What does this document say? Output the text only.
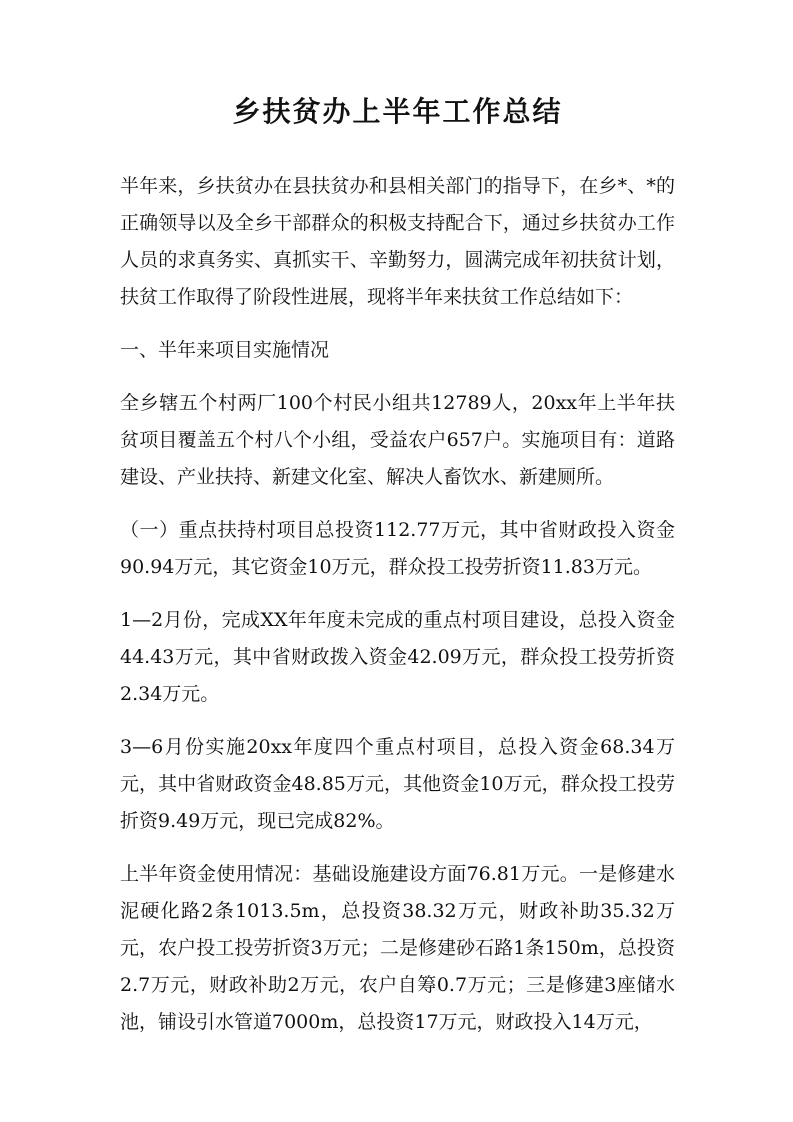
乡扶贫办上半年工作总结

半年来，乡扶贫办在县扶贫办和县相关部门的指导下，在乡*、*的正确领导以及全乡干部群众的积极支持配合下，通过乡扶贫办工作人员的求真务实、真抓实干、辛勤努力，圆满完成年初扶贫计划，扶贫工作取得了阶段性进展，现将半年来扶贫工作总结如下：

一、半年来项目实施情况

全乡辖五个村两厂100个村民小组共12789人，20xx年上半年扶贫项目覆盖五个村八个小组，受益农户657户。实施项目有：道路建设、产业扶持、新建文化室、解决人畜饮水、新建厕所。

（一）重点扶持村项目总投资112.77万元，其中省财政投入资金90.94万元，其它资金10万元，群众投工投劳折资11.83万元。

1—2月份，完成XX年年度未完成的重点村项目建设，总投入资金44.43万元，其中省财政拨入资金42.09万元，群众投工投劳折资2.34万元。

3—6月份实施20xx年度四个重点村项目，总投入资金68.34万元，其中省财政资金48.85万元，其他资金10万元，群众投工投劳折资9.49万元，现已完成82%。

上半年资金使用情况：基础设施建设方面76.81万元。一是修建水泥硬化路2条1013.5m，总投资38.32万元，财政补助35.32万元，农户投工投劳折资3万元；二是修建砂石路1条150m，总投资2.7万元，财政补助2万元，农户自筹0.7万元；三是修建3座储水池，铺设引水管道7000m，总投资17万元，财政投入14万元，
